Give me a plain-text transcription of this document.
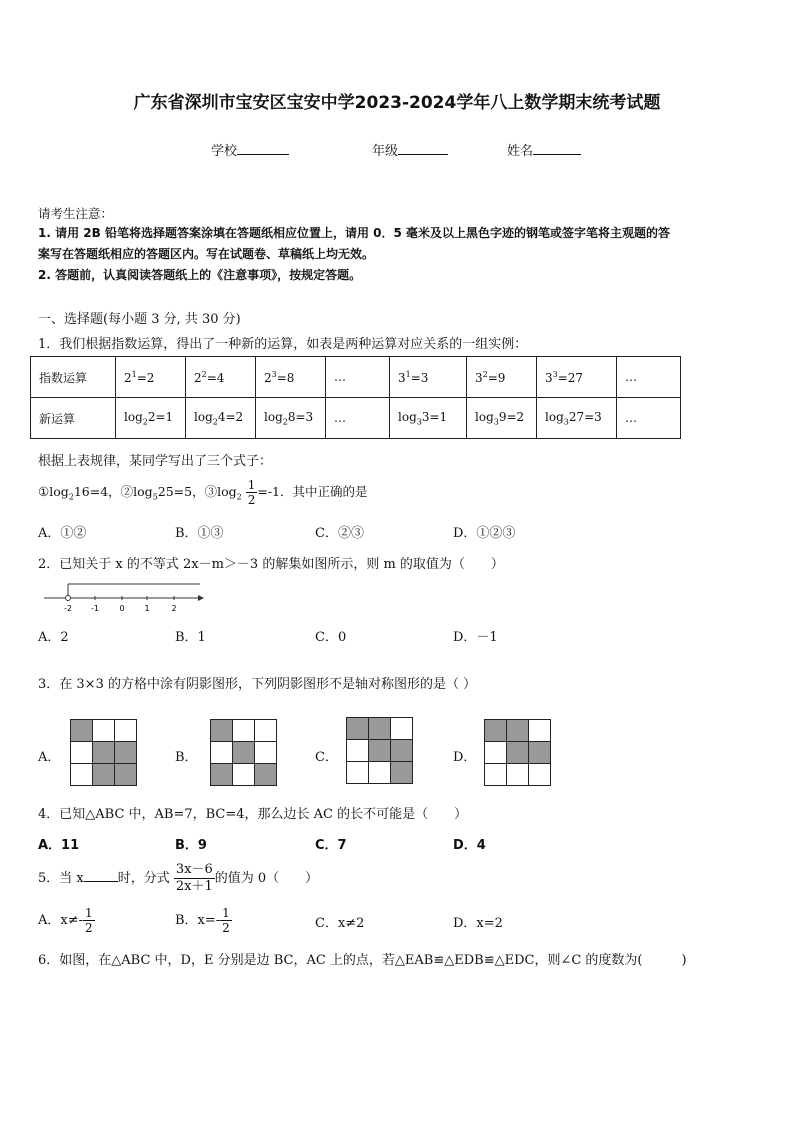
广东省深圳市宝安区宝安中学2023-2024学年八上数学期末统考试题
学校	年级	姓名
请考生注意：
1. 请用 2B 铅笔将选择题答案涂填在答题纸相应位置上，请用 0．5 毫米及以上黑色字迹的钢笔或签字笔将主观题的答
案写在答题纸相应的答题区内。写在试题卷、草稿纸上均无效。
2. 答题前，认真阅读答题纸上的《注意事项》，按规定答题。
一、选择题(每小题 3 分, 共 30 分)
1．我们根据指数运算，得出了一种新的运算，如表是两种运算对应关系的一组实例：
指数运算	$2^1=2$	$2^2=4$	$2^3=8$	…	$3^1=3$	$3^2=9$	$3^3=27$	…
新运算	$\log_22=1$	$\log_24=2$	$\log_28=3$	…	$\log_33=1$	$\log_39=2$	$\log_327=3$	…
根据上表规律，某同学写出了三个式子：
$①\log_216=4$，$②\log_525=5$，$③\log_2 \frac{1}{2} =-1$．其中正确的是
A．①②	B．①③	C．②③	D．①②③
2．已知关于 x 的不等式 2x－m＞－3 的解集如图所示，则 m 的取值为（　　）
-2 -1	0 1	2
A．2	B．1	C．0	D．－1
3．在 3×3 的方格中涂有阴影图形，下列阴影图形不是轴对称图形的是（ ）
A．	B．	C．	D．
4．已知△ABC 中，AB=7，BC=4，那么边长 AC 的长不可能是（　　）
A．11	B．9	C．7	D．4
5．当 x	时，分式 $\frac{3x-6}{2x+1}$ 的值为 0（　　）
A．$x\ne- \frac{1}{2}$	B．$x=- \frac{1}{2}$	C．x≠2	D．x=2
6．如图，在△ABC 中，D，E 分别是边 BC，AC 上的点，若△EAB≌△EDB≌△EDC，则∠C 的度数为(　　　)
